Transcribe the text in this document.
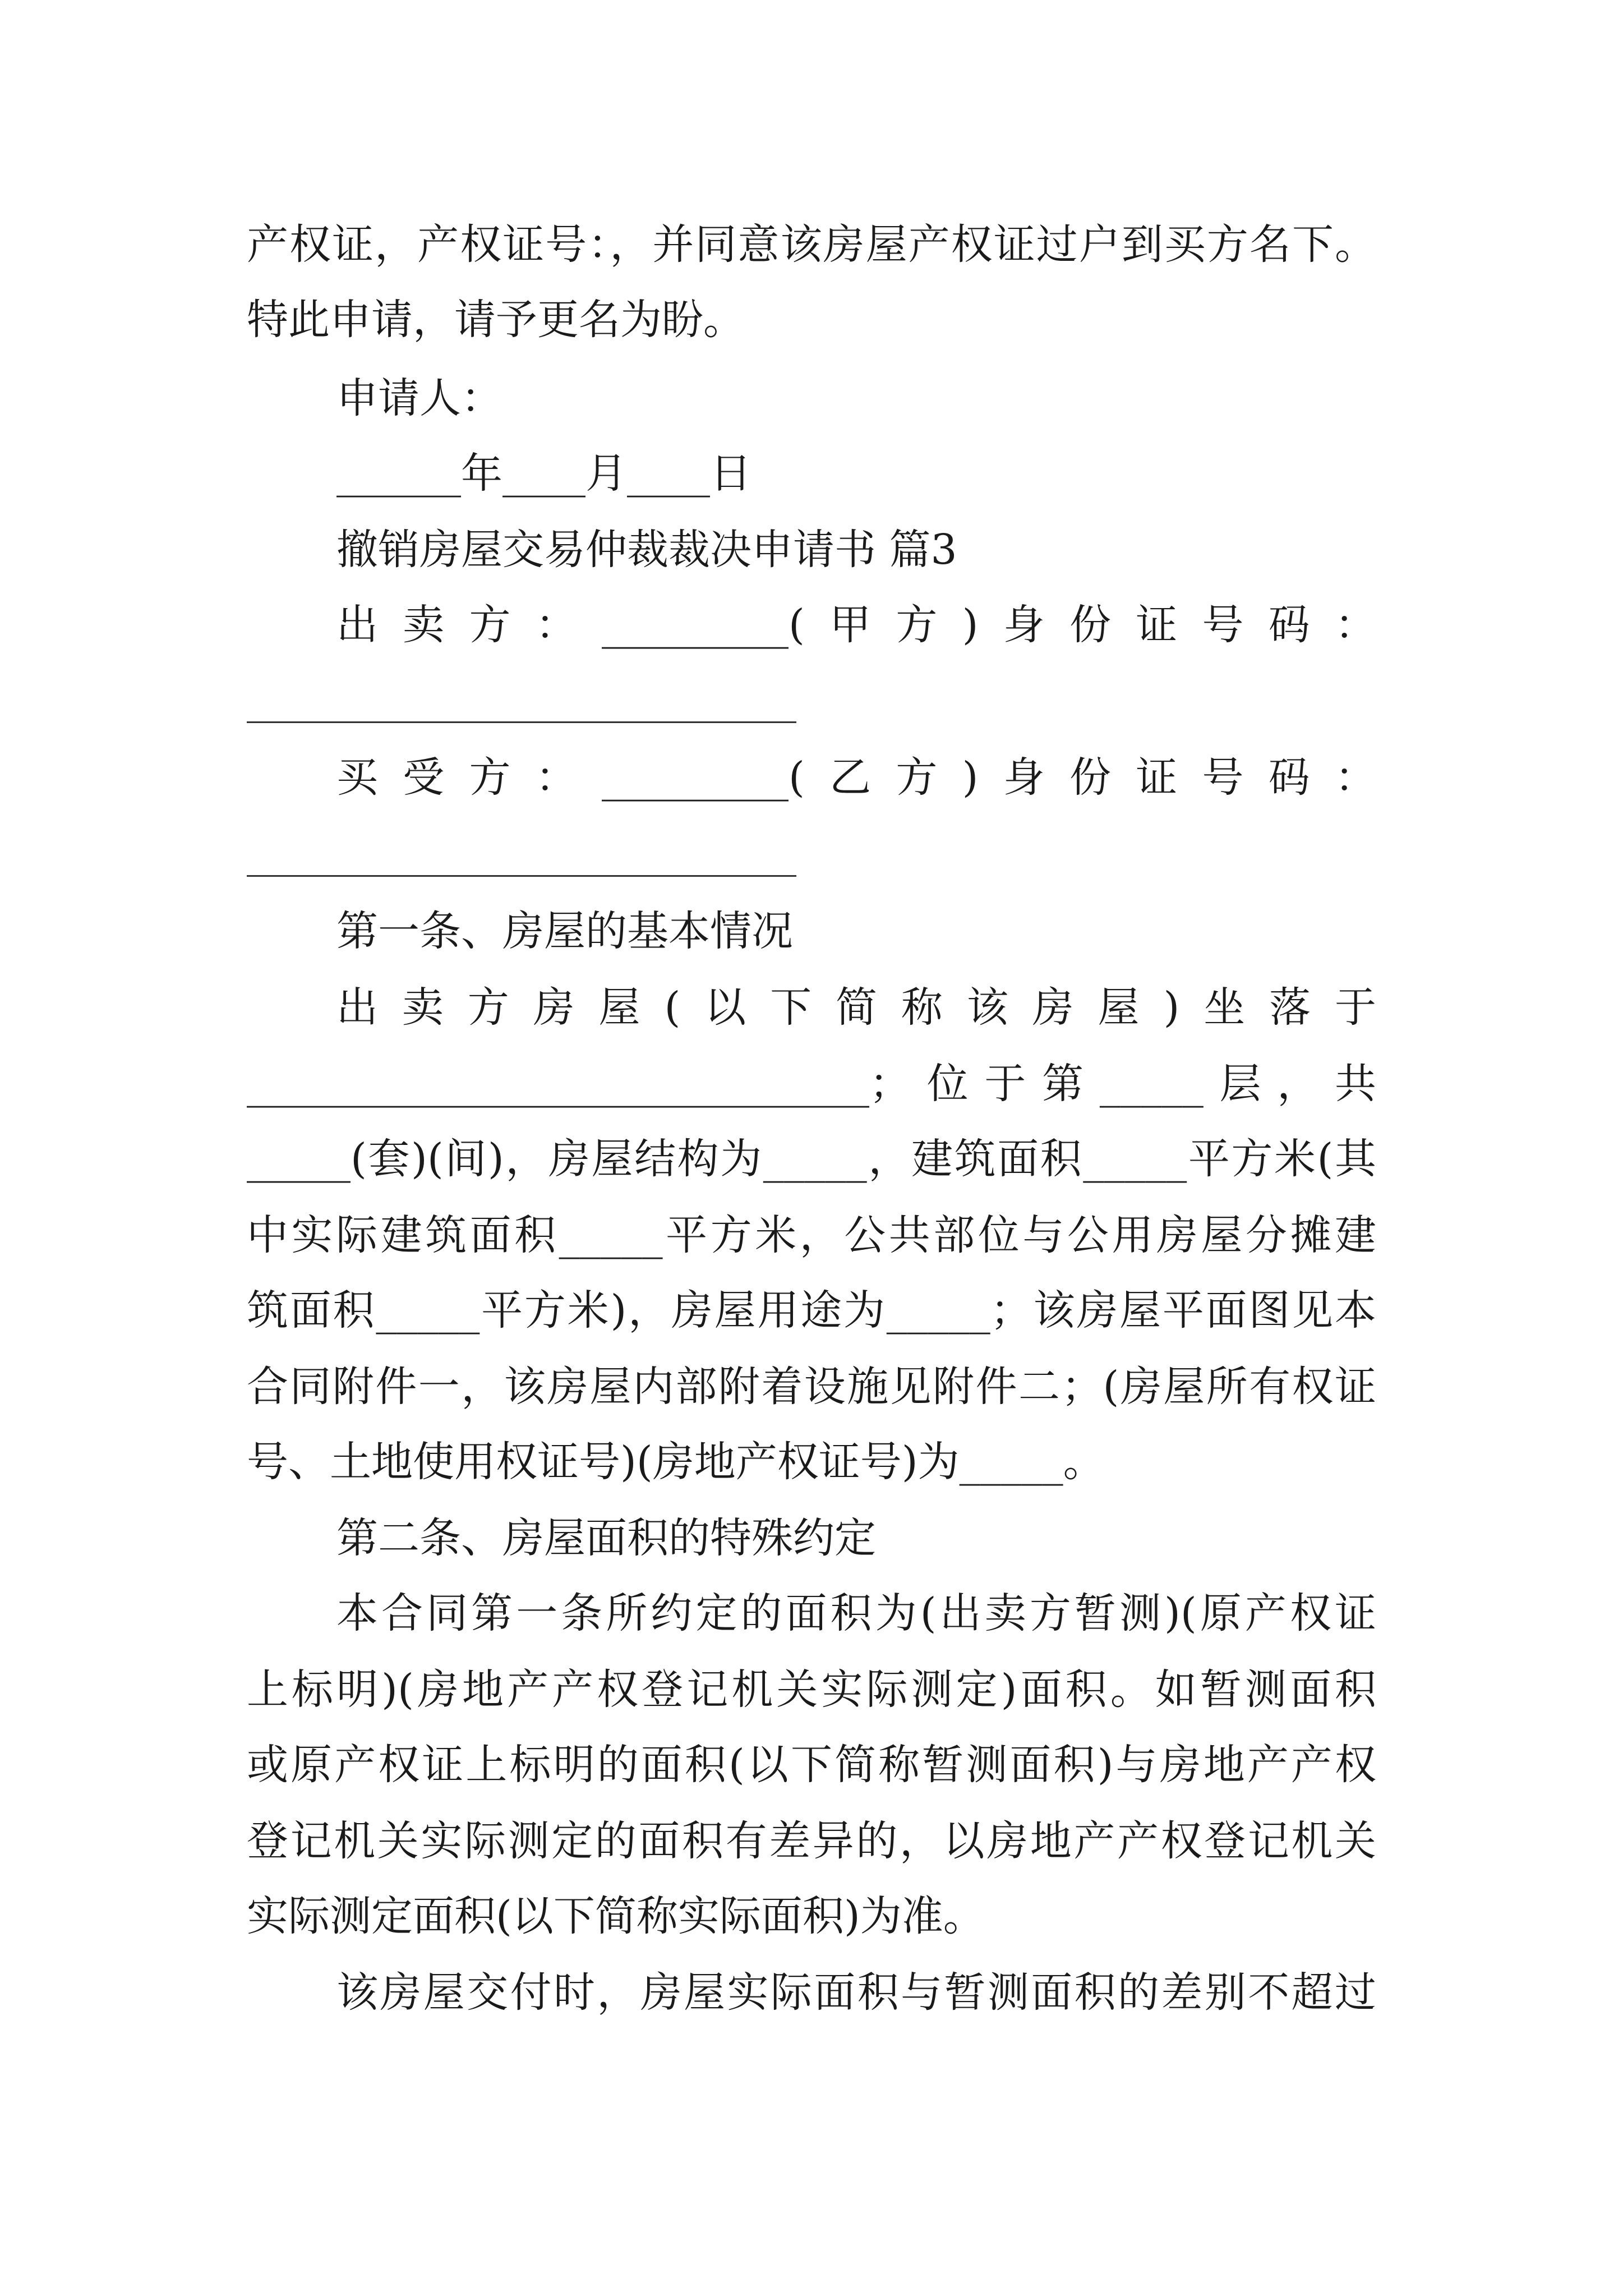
产权证，产权证号：，并同意该房屋产权证过户到买方名下。
特此申请，请予更名为盼。
申请人：
______年____月____日
撤销房屋交易仲裁裁决申请书 篇3
出卖方：_________(甲方)身份证号码：
买受方：_________(乙方)身份证号码：
第一条、房屋的基本情况
出卖方房屋(以下简称该房屋)坐落于
______________________________；位于第_____层，共
_____(套)(间)，房屋结构为_____，建筑面积_____平方米(其
中实际建筑面积_____平方米，公共部位与公用房屋分摊建
筑面积_____平方米)，房屋用途为_____；该房屋平面图见本
合同附件一，该房屋内部附着设施见附件二；(房屋所有权证
号、土地使用权证号)(房地产权证号)为_____。
第二条、房屋面积的特殊约定
本合同第一条所约定的面积为(出卖方暂测)(原产权证
上标明)(房地产产权登记机关实际测定)面积。如暂测面积
或原产权证上标明的面积(以下简称暂测面积)与房地产产权
登记机关实际测定的面积有差异的，以房地产产权登记机关
实际测定面积(以下简称实际面积)为准。
该房屋交付时，房屋实际面积与暂测面积的差别不超过
